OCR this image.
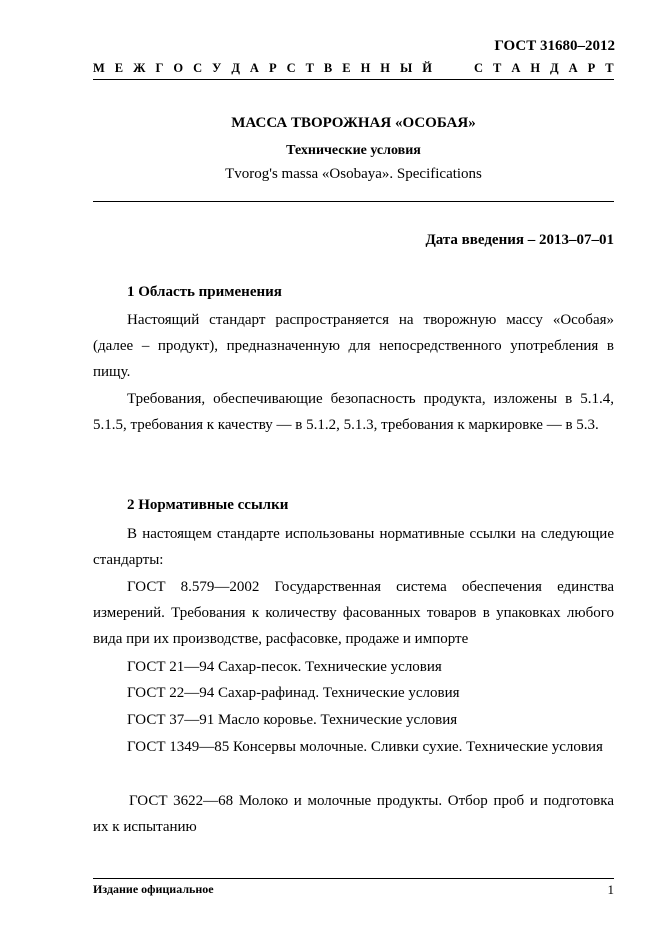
ГОСТ 31680–2012
М Е Ж Г О С У Д А Р С Т В Е Н Н Ы Й	С Т А Н Д А Р Т
МАССА ТВОРОЖНАЯ «ОСОБАЯ»
Технические условия
Tvorog's massa «Osobaya». Specifications
Дата введения – 2013–07–01
1 Область применения

Настоящий стандарт распространяется на творожную массу «Особая» (далее – продукт), предназначенную для непосредственного употребления в пищу.

Требования, обеспечивающие безопасность продукта, изложены в 5.1.4, 5.1.5, требования к качеству — в 5.1.2, 5.1.3, требования к маркировке — в 5.3.

2 Нормативные ссылки

В настоящем стандарте использованы нормативные ссылки на следующие стандарты:

ГОСТ 8.579—2002 Государственная система обеспечения единства измерений. Требования к количеству фасованных товаров в упаковках любого вида при их производстве, расфасовке, продаже и импорте

ГОСТ 21—94 Сахар-песок. Технические условия
ГОСТ 22—94 Сахар-рафинад. Технические условия
ГОСТ 37—91 Масло коровье. Технические условия

ГОСТ 1349—85 Консервы молочные. Сливки сухие. Технические условия

ГОСТ 3622—68 Молоко и молочные продукты. Отбор проб и подготовка их к испытанию

Издание официальное	1
